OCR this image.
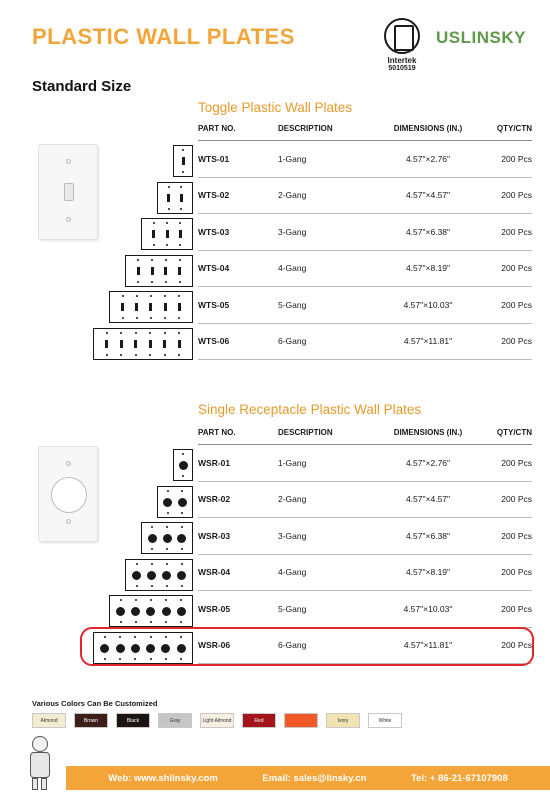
PLASTIC WALL PLATES
Intertek
5010519
USLINSKY
Standard Size
Toggle Plastic Wall Plates
PART NO.	DESCRIPTION	DIMENSIONS (IN.)	QTY/CTN
WTS-01	1-Gang	4.57"×2.76"	200 Pcs
WTS-02	2-Gang	4.57"×4.57"	200 Pcs
WTS-03	3-Gang	4.57"×6.38"	200 Pcs
WTS-04	4-Gang	4.57"×8.19"	200 Pcs
WTS-05	5-Gang	4.57"×10.03"	200 Pcs
WTS-06	6-Gang	4.57"×11.81"	200 Pcs
Single Receptacle Plastic Wall Plates
PART NO.	DESCRIPTION	DIMENSIONS (IN.)	QTY/CTN
WSR-01	1-Gang	4.57"×2.76"	200 Pcs
WSR-02	2-Gang	4.57"×4.57"	200 Pcs
WSR-03	3-Gang	4.57"×6.38"	200 Pcs
WSR-04	4-Gang	4.57"×8.19"	200 Pcs
WSR-05	5-Gang	4.57"×10.03"	200 Pcs
WSR-06	6-Gang	4.57"×11.81"	200 Pcs
Various Colors Can Be Customized
Almond	Brown	Black	Gray	Light Almond	Red	Ivory	White
Web: www.shlinsky.com	Email: sales@linsky.cn	Tel: + 86-21-67107908
